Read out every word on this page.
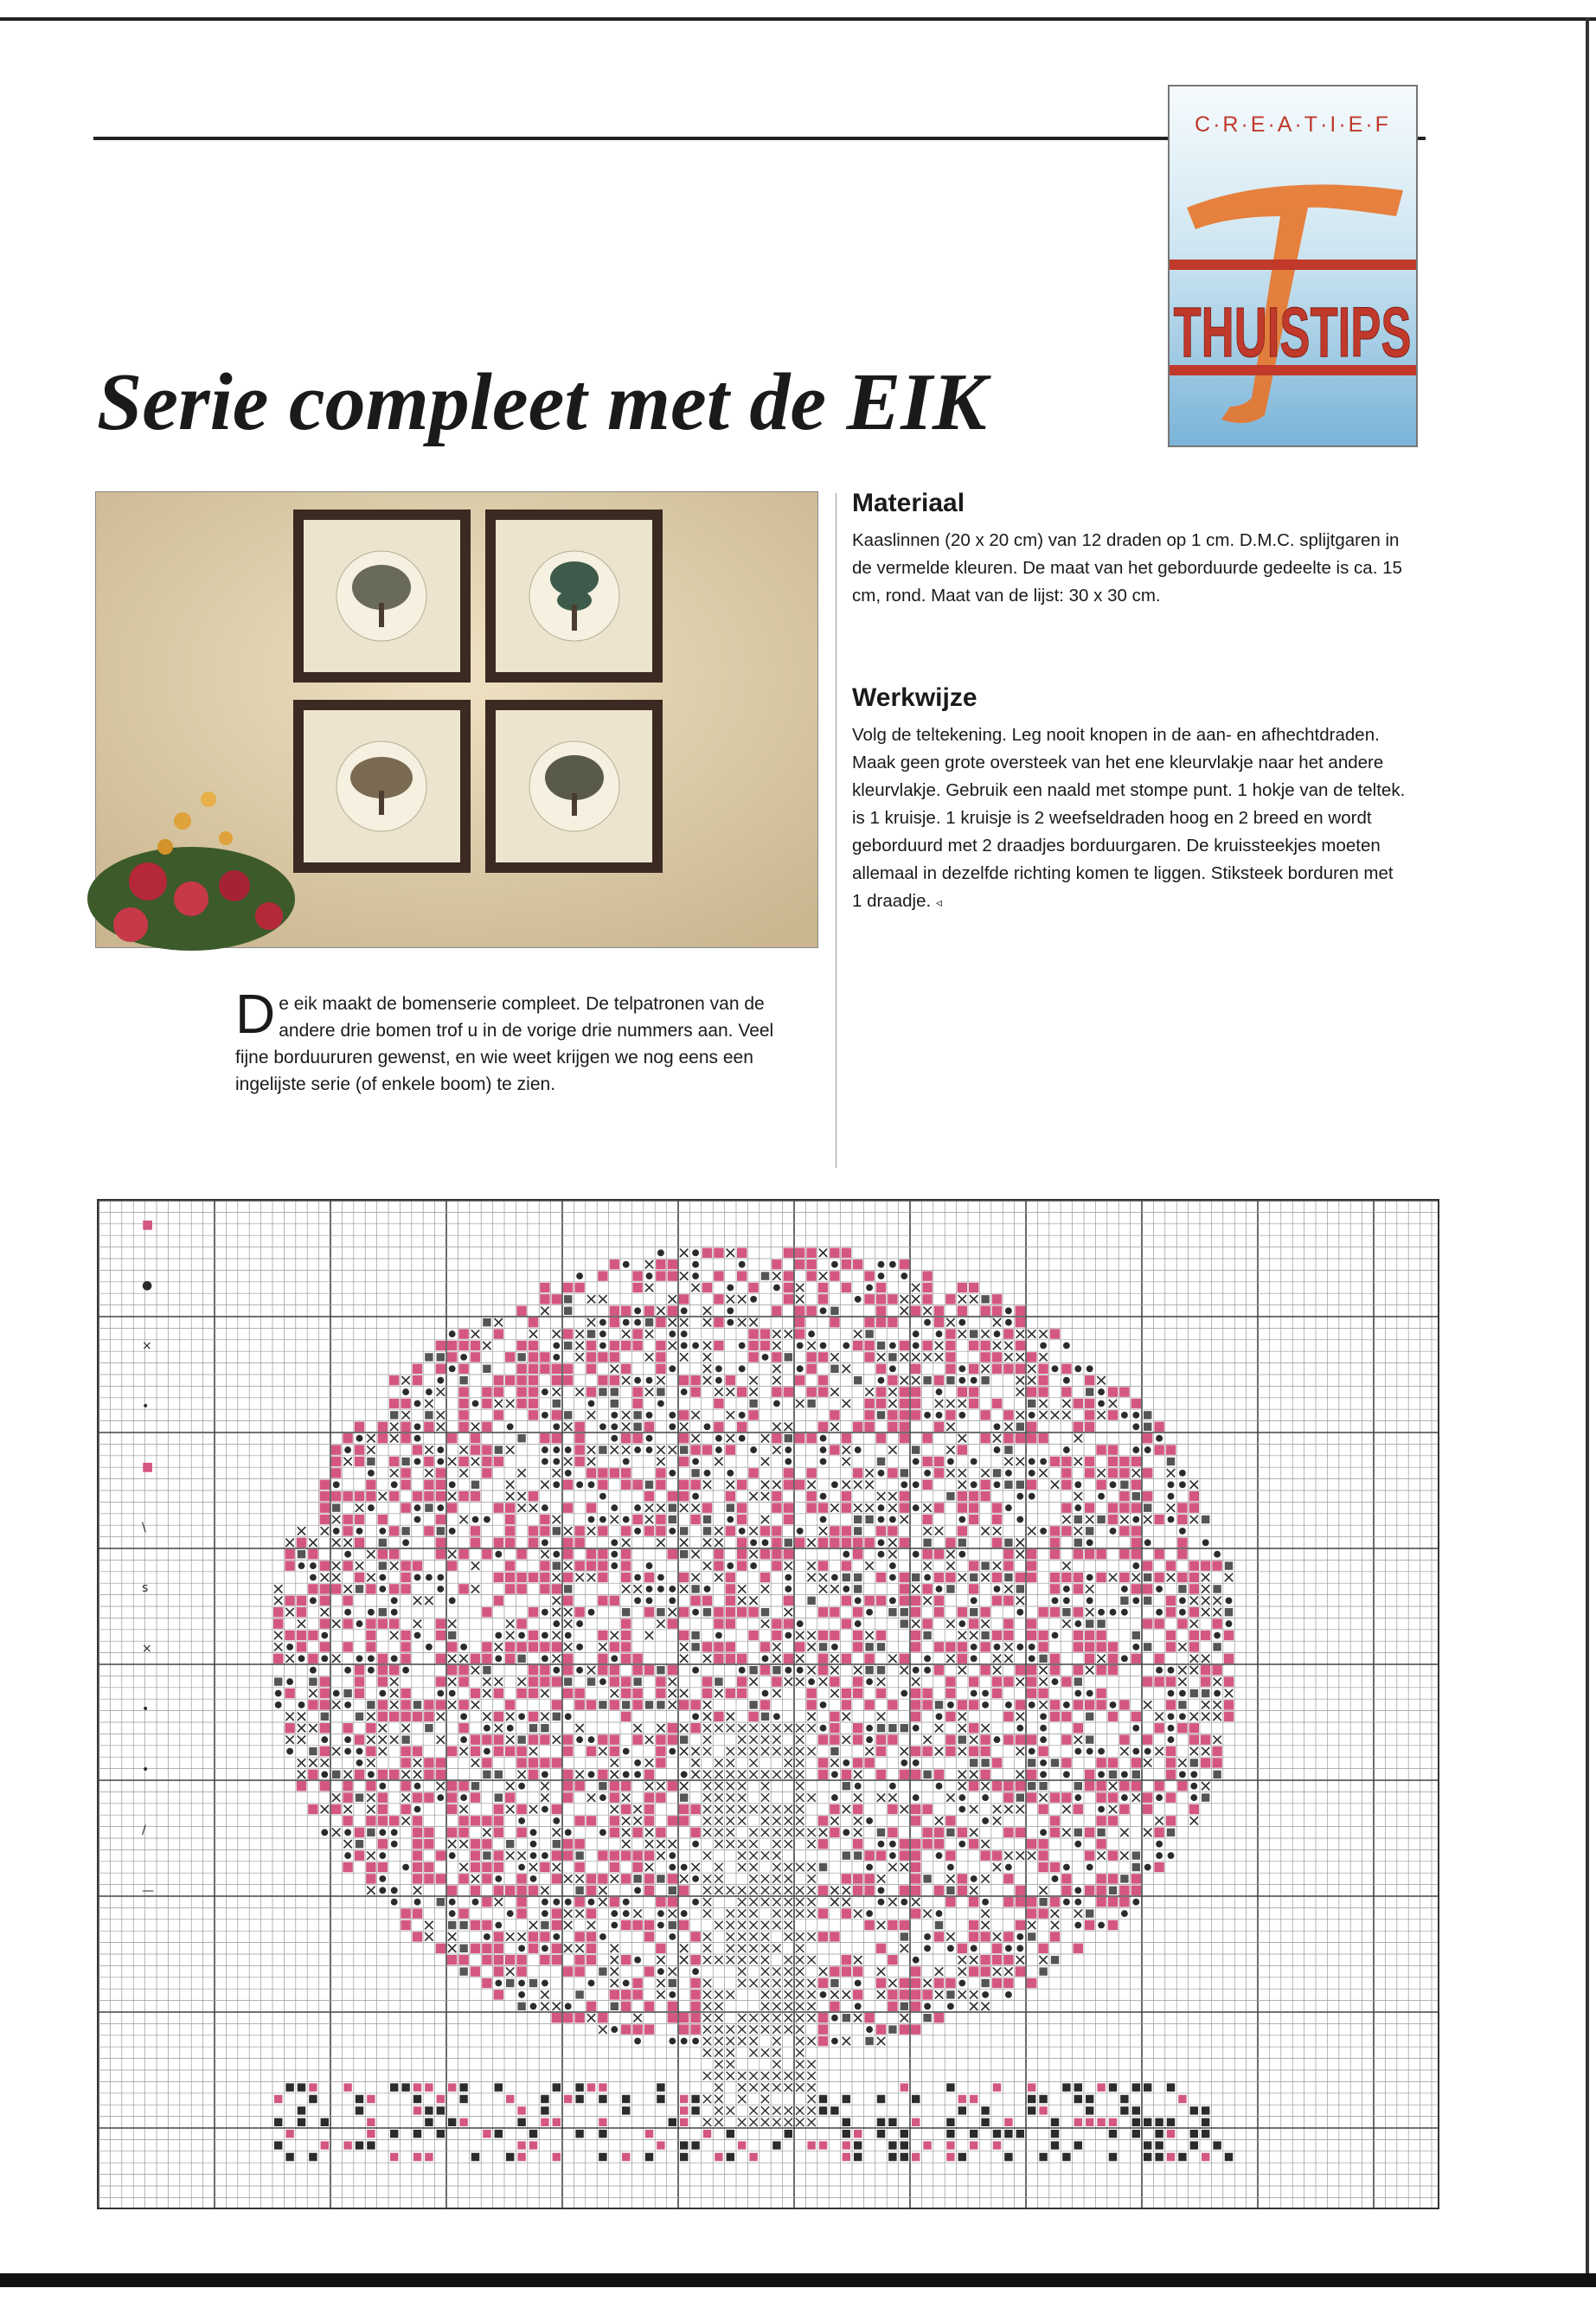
THUISTIPS
C·R·E·A·T·I·E·F
Serie compleet met de EIK
Materiaal

Kaaslinnen (20 x 20 cm) van 12 draden op 1 cm. D.M.C. splijtgaren in de vermelde kleuren. De maat van het geborduurde gedeelte is ca. 15 cm, rond. Maat van de lijst: 30 x 30 cm.

Werkwijze

Volg de teltekening. Leg nooit knopen in de aan- en afhechtdraden. Maak geen grote oversteek van het ene kleurvlakje naar het andere kleurvlakje. Gebruik een naald met stompe punt. 1 hokje van de teltek. is 1 kruisje. 1 kruisje is 2 weefseldraden hoog en 2 breed en wordt geborduurd met 2 draadjes borduurgaren. De kruissteekjes moeten allemaal in dezelfde richting komen te liggen. Stiksteek borduren met 1 draadje. ◃

De eik maakt de bomenserie compleet. De telpatronen van de andere drie bomen trof u in de vorige drie nummers aan. Veel fijne borduururen gewenst, en wie weet krijgen we nog eens een ingelijste serie (of enkele boom) te zien.
■
●
×
•
■
\
s
×
•
•
/
—
